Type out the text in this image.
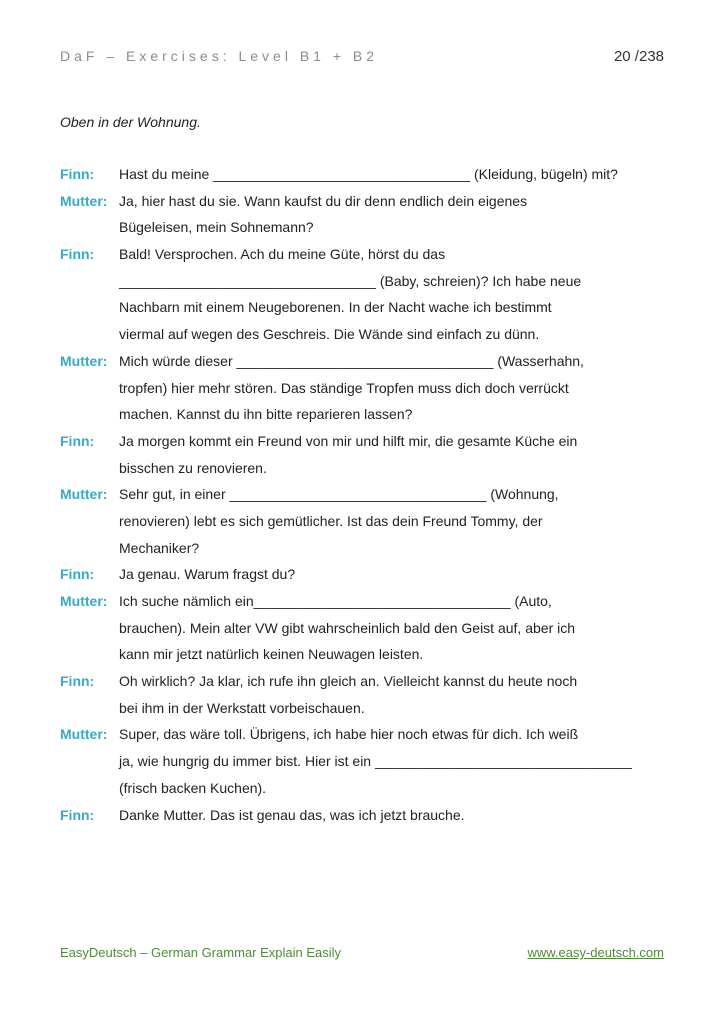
DaF – Exercises: Level B1 + B2	20 /238
Oben in der Wohnung.
Finn:	Hast du meine _________________________________ (Kleidung, bügeln) mit?
Mutter: Ja, hier hast du sie. Wann kaufst du dir denn endlich dein eigenes
Bügeleisen, mein Sohnemann?
Finn:	Bald! Versprochen. Ach du meine Güte, hörst du das
_________________________________ (Baby, schreien)? Ich habe neue
Nachbarn mit einem Neugeborenen. In der Nacht wache ich bestimmt
viermal auf wegen des Geschreis. Die Wände sind einfach zu dünn.
Mutter: Mich würde dieser _________________________________ (Wasserhahn,
tropfen) hier mehr stören. Das ständige Tropfen muss dich doch verrückt
machen. Kannst du ihn bitte reparieren lassen?
Finn:	Ja morgen kommt ein Freund von mir und hilft mir, die gesamte Küche ein
bisschen zu renovieren.
Mutter: Sehr gut, in einer _________________________________ (Wohnung,
renovieren) lebt es sich gemütlicher. Ist das dein Freund Tommy, der
Mechaniker?
Finn:	Ja genau. Warum fragst du?
Mutter: Ich suche nämlich ein_________________________________ (Auto,
brauchen). Mein alter VW gibt wahrscheinlich bald den Geist auf, aber ich
kann mir jetzt natürlich keinen Neuwagen leisten.
Finn:	Oh wirklich? Ja klar, ich rufe ihn gleich an. Vielleicht kannst du heute noch
bei ihm in der Werkstatt vorbeischauen.
Mutter: Super, das wäre toll. Übrigens, ich habe hier noch etwas für dich. Ich weiß
ja, wie hungrig du immer bist. Hier ist ein _________________________________
(frisch backen Kuchen).
Finn:	Danke Mutter. Das ist genau das, was ich jetzt brauche.
EasyDeutsch – German Grammar Explain Easily	www.easy-deutsch.com
